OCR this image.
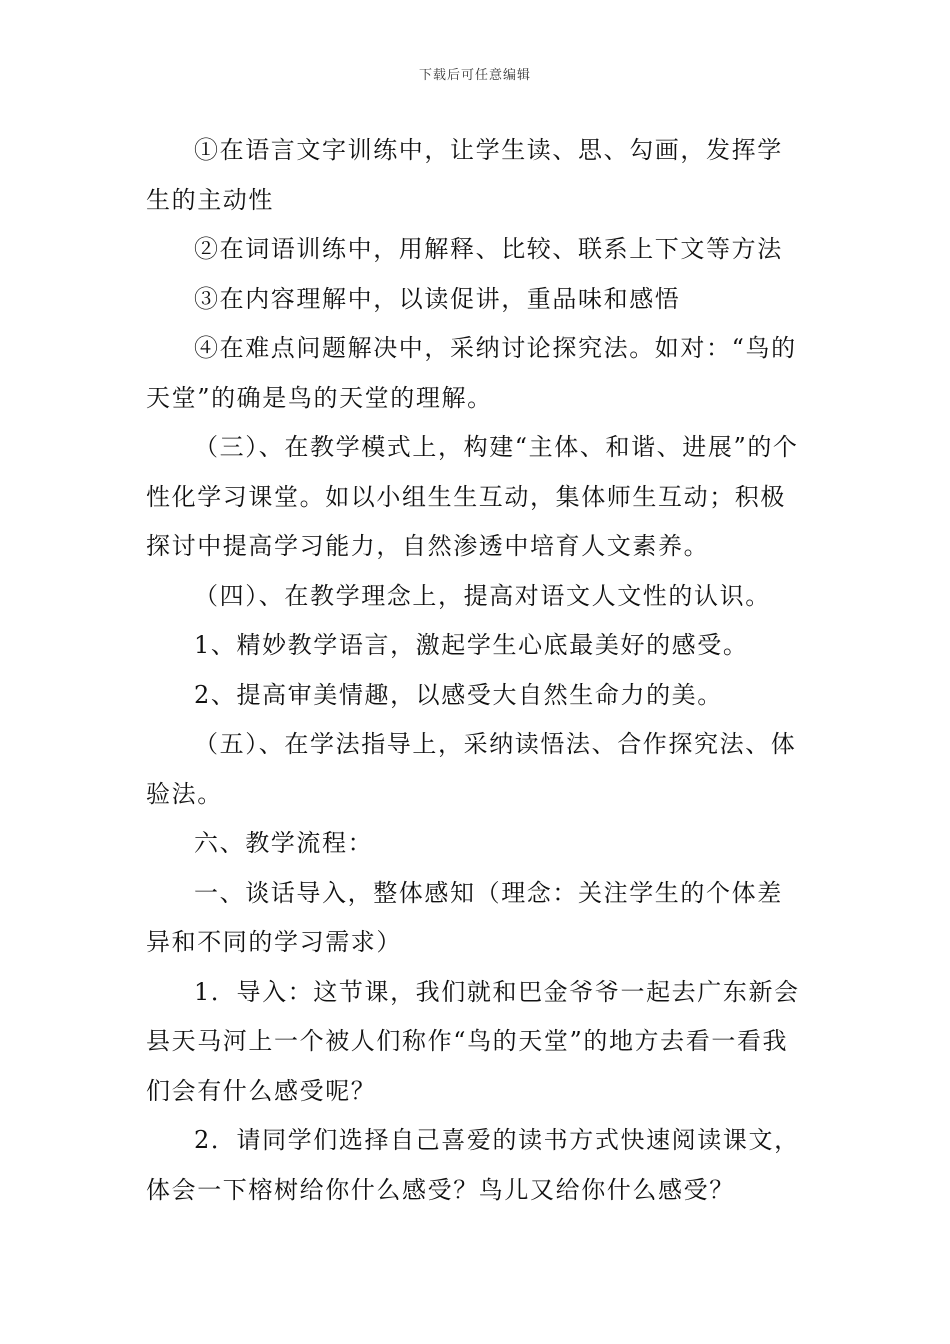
下载后可任意编辑

①在语言文字训练中，让学生读、思、勾画，发挥学生的主动性

②在词语训练中，用解释、比较、联系上下文等方法

③在内容理解中，以读促讲，重品味和感悟

④在难点问题解决中，采纳讨论探究法。如对：“鸟的天堂”的确是鸟的天堂的理解。

（三）、在教学模式上，构建“主体、和谐、进展”的个性化学习课堂。如以小组生生互动，集体师生互动；积极探讨中提高学习能力，自然渗透中培育人文素养。

（四）、在教学理念上，提高对语文人文性的认识。

1、精妙教学语言，激起学生心底最美好的感受。

2、提高审美情趣，以感受大自然生命力的美。

（五）、在学法指导上，采纳读悟法、合作探究法、体验法。

六、教学流程：

一、谈话导入，整体感知（理念：关注学生的个体差异和不同的学习需求）

1．导入：这节课，我们就和巴金爷爷一起去广东新会县天马河上一个被人们称作“鸟的天堂”的地方去看一看我们会有什么感受呢？

2．请同学们选择自己喜爱的读书方式快速阅读课文，体会一下榕树给你什么感受？鸟儿又给你什么感受？
